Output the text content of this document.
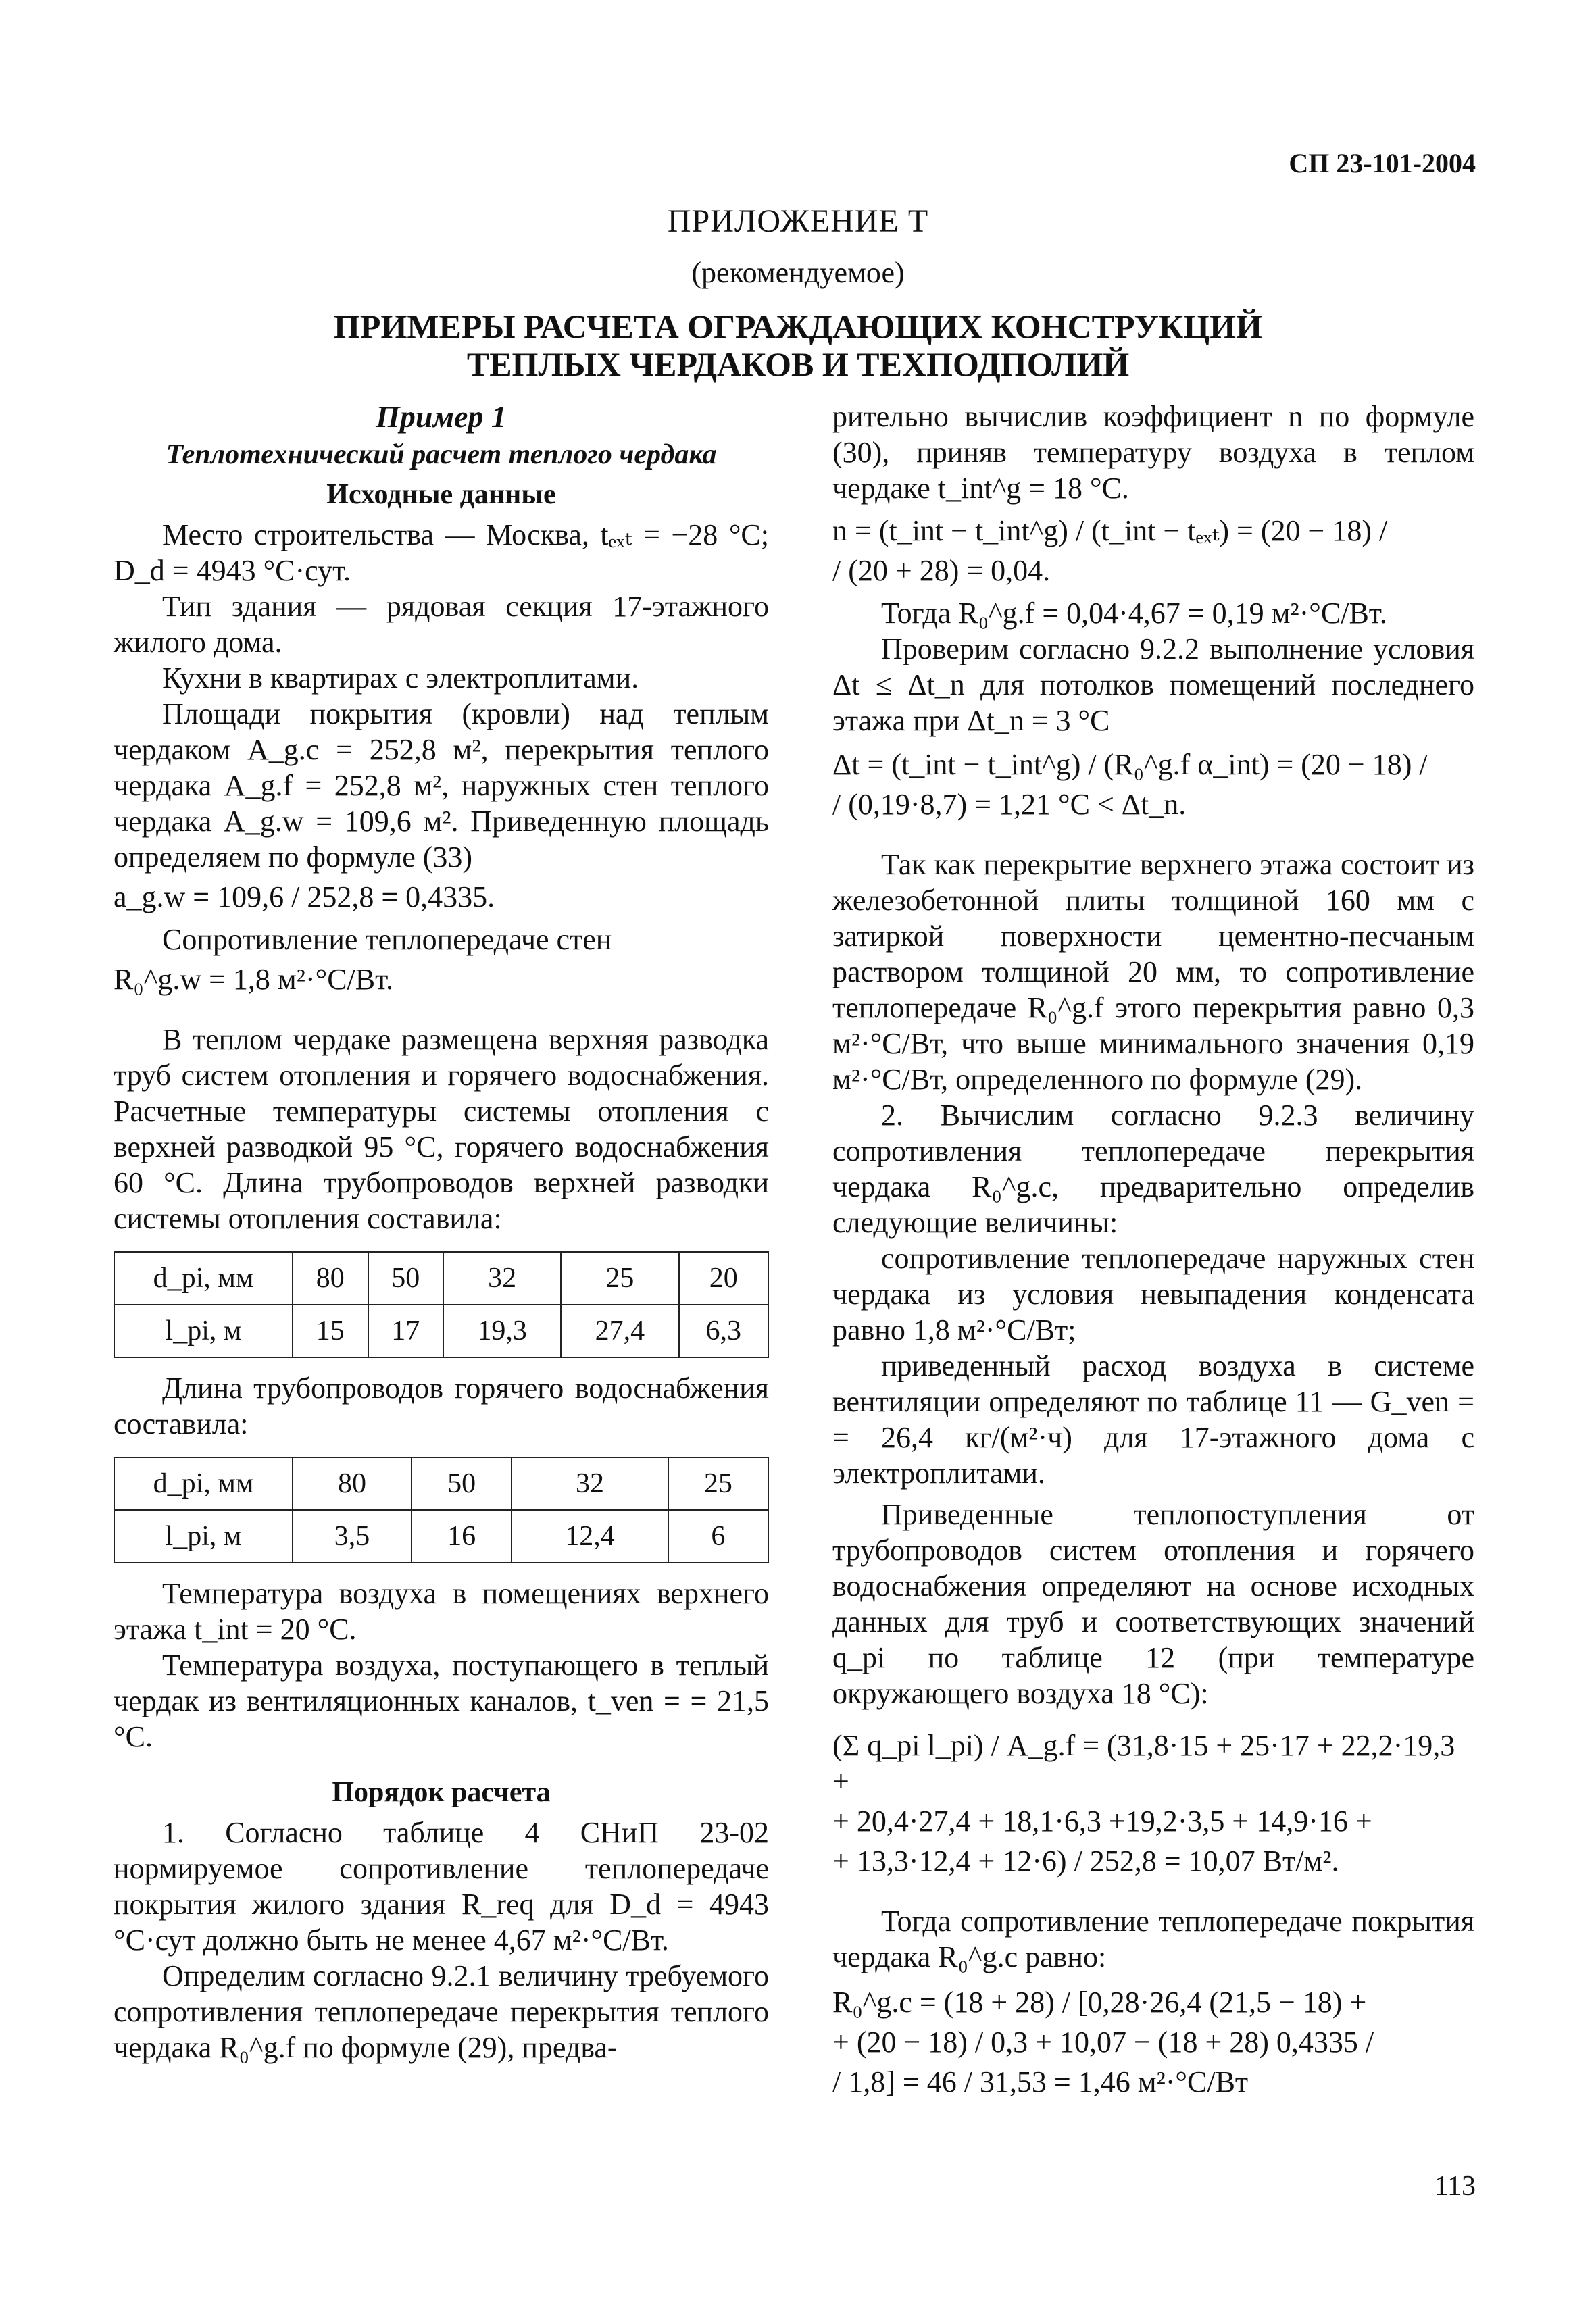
СП 23-101-2004
ПРИЛОЖЕНИЕ Т
(рекомендуемое)
ПРИМЕРЫ РАСЧЕТА ОГРАЖДАЮЩИХ КОНСТРУКЦИЙ
ТЕПЛЫХ ЧЕРДАКОВ И ТЕХПОДПОЛИЙ

Пример 1

Теплотехнический расчет теплого чердака

Исходные данные

Место строительства — Москва, tₑₓₜ = −28 °С; D_d = 4943 °С·сут.

Тип здания — рядовая секция 17-этажного жилого дома.

Кухни в квартирах с электроплитами.

Площади покрытия (кровли) над теплым чердаком A_g.c = 252,8 м², перекрытия теплого чердака A_g.f = 252,8 м², наружных стен теплого чердака A_g.w = 109,6 м². Приведенную площадь определяем по формуле (33)

a_g.w = 109,6 / 252,8 = 0,4335.

Сопротивление теплопередаче стен

R₀^g.w = 1,8 м²·°С/Вт.

В теплом чердаке размещена верхняя разводка труб систем отопления и горячего водоснабжения. Расчетные температуры системы отопления с верхней разводкой 95 °С, горячего водоснабжения 60 °С. Длина трубопроводов верхней разводки системы отопления составила:

d_pi, мм	80	50	32	25	20
l_pi, м	15	17	19,3	27,4	6,3

Длина трубопроводов горячего водоснабжения составила:

d_pi, мм	80	50	32	25
l_pi, м	3,5	16	12,4	6

Температура воздуха в помещениях верхнего этажа t_int = 20 °С.

Температура воздуха, поступающего в теплый чердак из вентиляционных каналов, t_ven = = 21,5 °С.

Порядок расчета

1. Согласно таблице 4 СНиП 23-02 нормируемое сопротивление теплопередаче покрытия жилого здания R_req для D_d = 4943 °С·сут должно быть не менее 4,67 м²·°С/Вт.

Определим согласно 9.2.1 величину требуемого сопротивления теплопередаче перекрытия теплого чердака R₀^g.f по формуле (29), предва-

рительно вычислив коэффициент n по формуле (30), приняв температуру воздуха в теплом чердаке t_int^g = 18 °С.

n = (t_int − t_int^g) / (t_int − tₑₓₜ) = (20 − 18) /

/ (20 + 28) = 0,04.

Тогда R₀^g.f = 0,04·4,67 = 0,19 м²·°С/Вт.

Проверим согласно 9.2.2 выполнение условия Δt ≤ Δt_n для потолков помещений последнего этажа при Δt_n = 3 °С

Δt = (t_int − t_int^g) / (R₀^g.f α_int) = (20 − 18) /

/ (0,19·8,7) = 1,21 °С < Δt_n.

Так как перекрытие верхнего этажа состоит из железобетонной плиты толщиной 160 мм с затиркой поверхности цементно-песчаным раствором толщиной 20 мм, то сопротивление теплопередаче R₀^g.f этого перекрытия равно 0,3 м²·°С/Вт, что выше минимального значения 0,19 м²·°С/Вт, определенного по формуле (29).

2. Вычислим согласно 9.2.3 величину сопротивления теплопередаче перекрытия чердака R₀^g.c, предварительно определив следующие величины:

сопротивление теплопередаче наружных стен чердака из условия невыпадения конденсата равно 1,8 м²·°С/Вт;

приведенный расход воздуха в системе вентиляции определяют по таблице 11 — G_ven = = 26,4 кг/(м²·ч) для 17-этажного дома с электроплитами.

Приведенные теплопоступления от трубопроводов систем отопления и горячего водоснабжения определяют на основе исходных данных для труб и соответствующих значений q_pi по таблице 12 (при температуре окружающего воздуха 18 °С):

(Σ q_pi l_pi) / A_g.f = (31,8·15 + 25·17 + 22,2·19,3 +

+ 20,4·27,4 + 18,1·6,3 +19,2·3,5 + 14,9·16 +

+ 13,3·12,4 + 12·6) / 252,8 = 10,07 Вт/м².

Тогда сопротивление теплопередаче покрытия чердака R₀^g.c равно:

R₀^g.c = (18 + 28) / [0,28·26,4 (21,5 − 18) +

+ (20 − 18) / 0,3 + 10,07 − (18 + 28) 0,4335 /

/ 1,8] = 46 / 31,53 = 1,46 м²·°С/Вт

113
